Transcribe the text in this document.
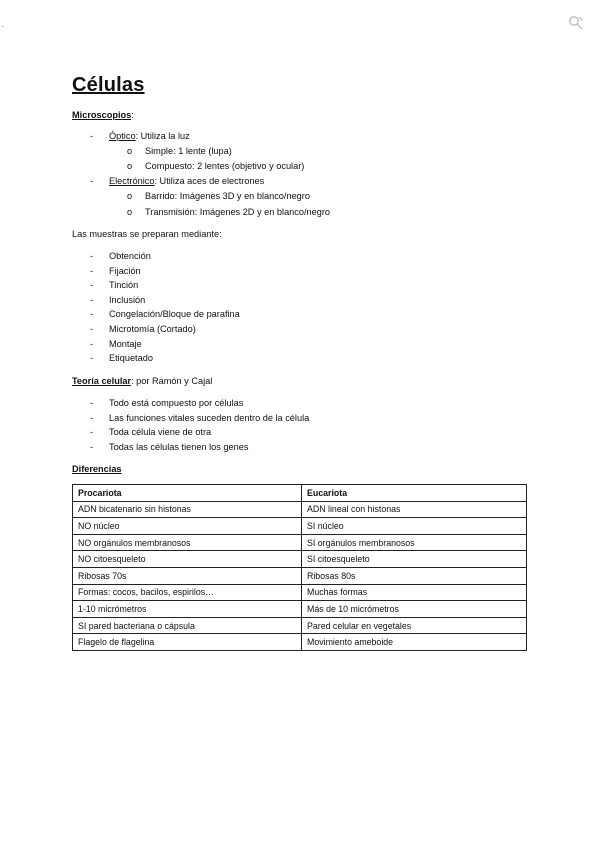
Células
Microscopios:
- Óptico: Utiliza la luz
o Simple: 1 lente (lupa)
o Compuesto: 2 lentes (objetivo y ocular)
- Electrónico: Utiliza aces de electrones
o Barrido: Imágenes 3D y en blanco/negro
o Transmisión: Imágenes 2D y en blanco/negro
Las muestras se preparan mediante:
- Obtención
- Fijación
- Tinción
- Inclusión
- Congelación/Bloque de parafina
- Microtomía (Cortado)
- Montaje
- Etiquetado
Teoría celular: por Ramón y Cajal
- Todo está compuesto por células
- Las funciones vitales suceden dentro de la célula
- Toda célula viene de otra
- Todas las células tienen los genes
Diferencias
Procariota	Eucariota
ADN bicatenario sin histonas	ADN lineal con histonas
NO núcleo	SI núcleo
NO orgánulos membranosos	SI orgánulos membranosos
NO citoesqueleto	SI citoesqueleto
Ribosas 70s	Ribosas 80s
Formas: cocos, bacilos, espirilos…	Muchas formas
1-10 micrómetros	Más de 10 micrómetros
SI pared bacteriana o cápsula	Pared celular en vegetales
Flagelo de flagelina	Movimiento ameboide
